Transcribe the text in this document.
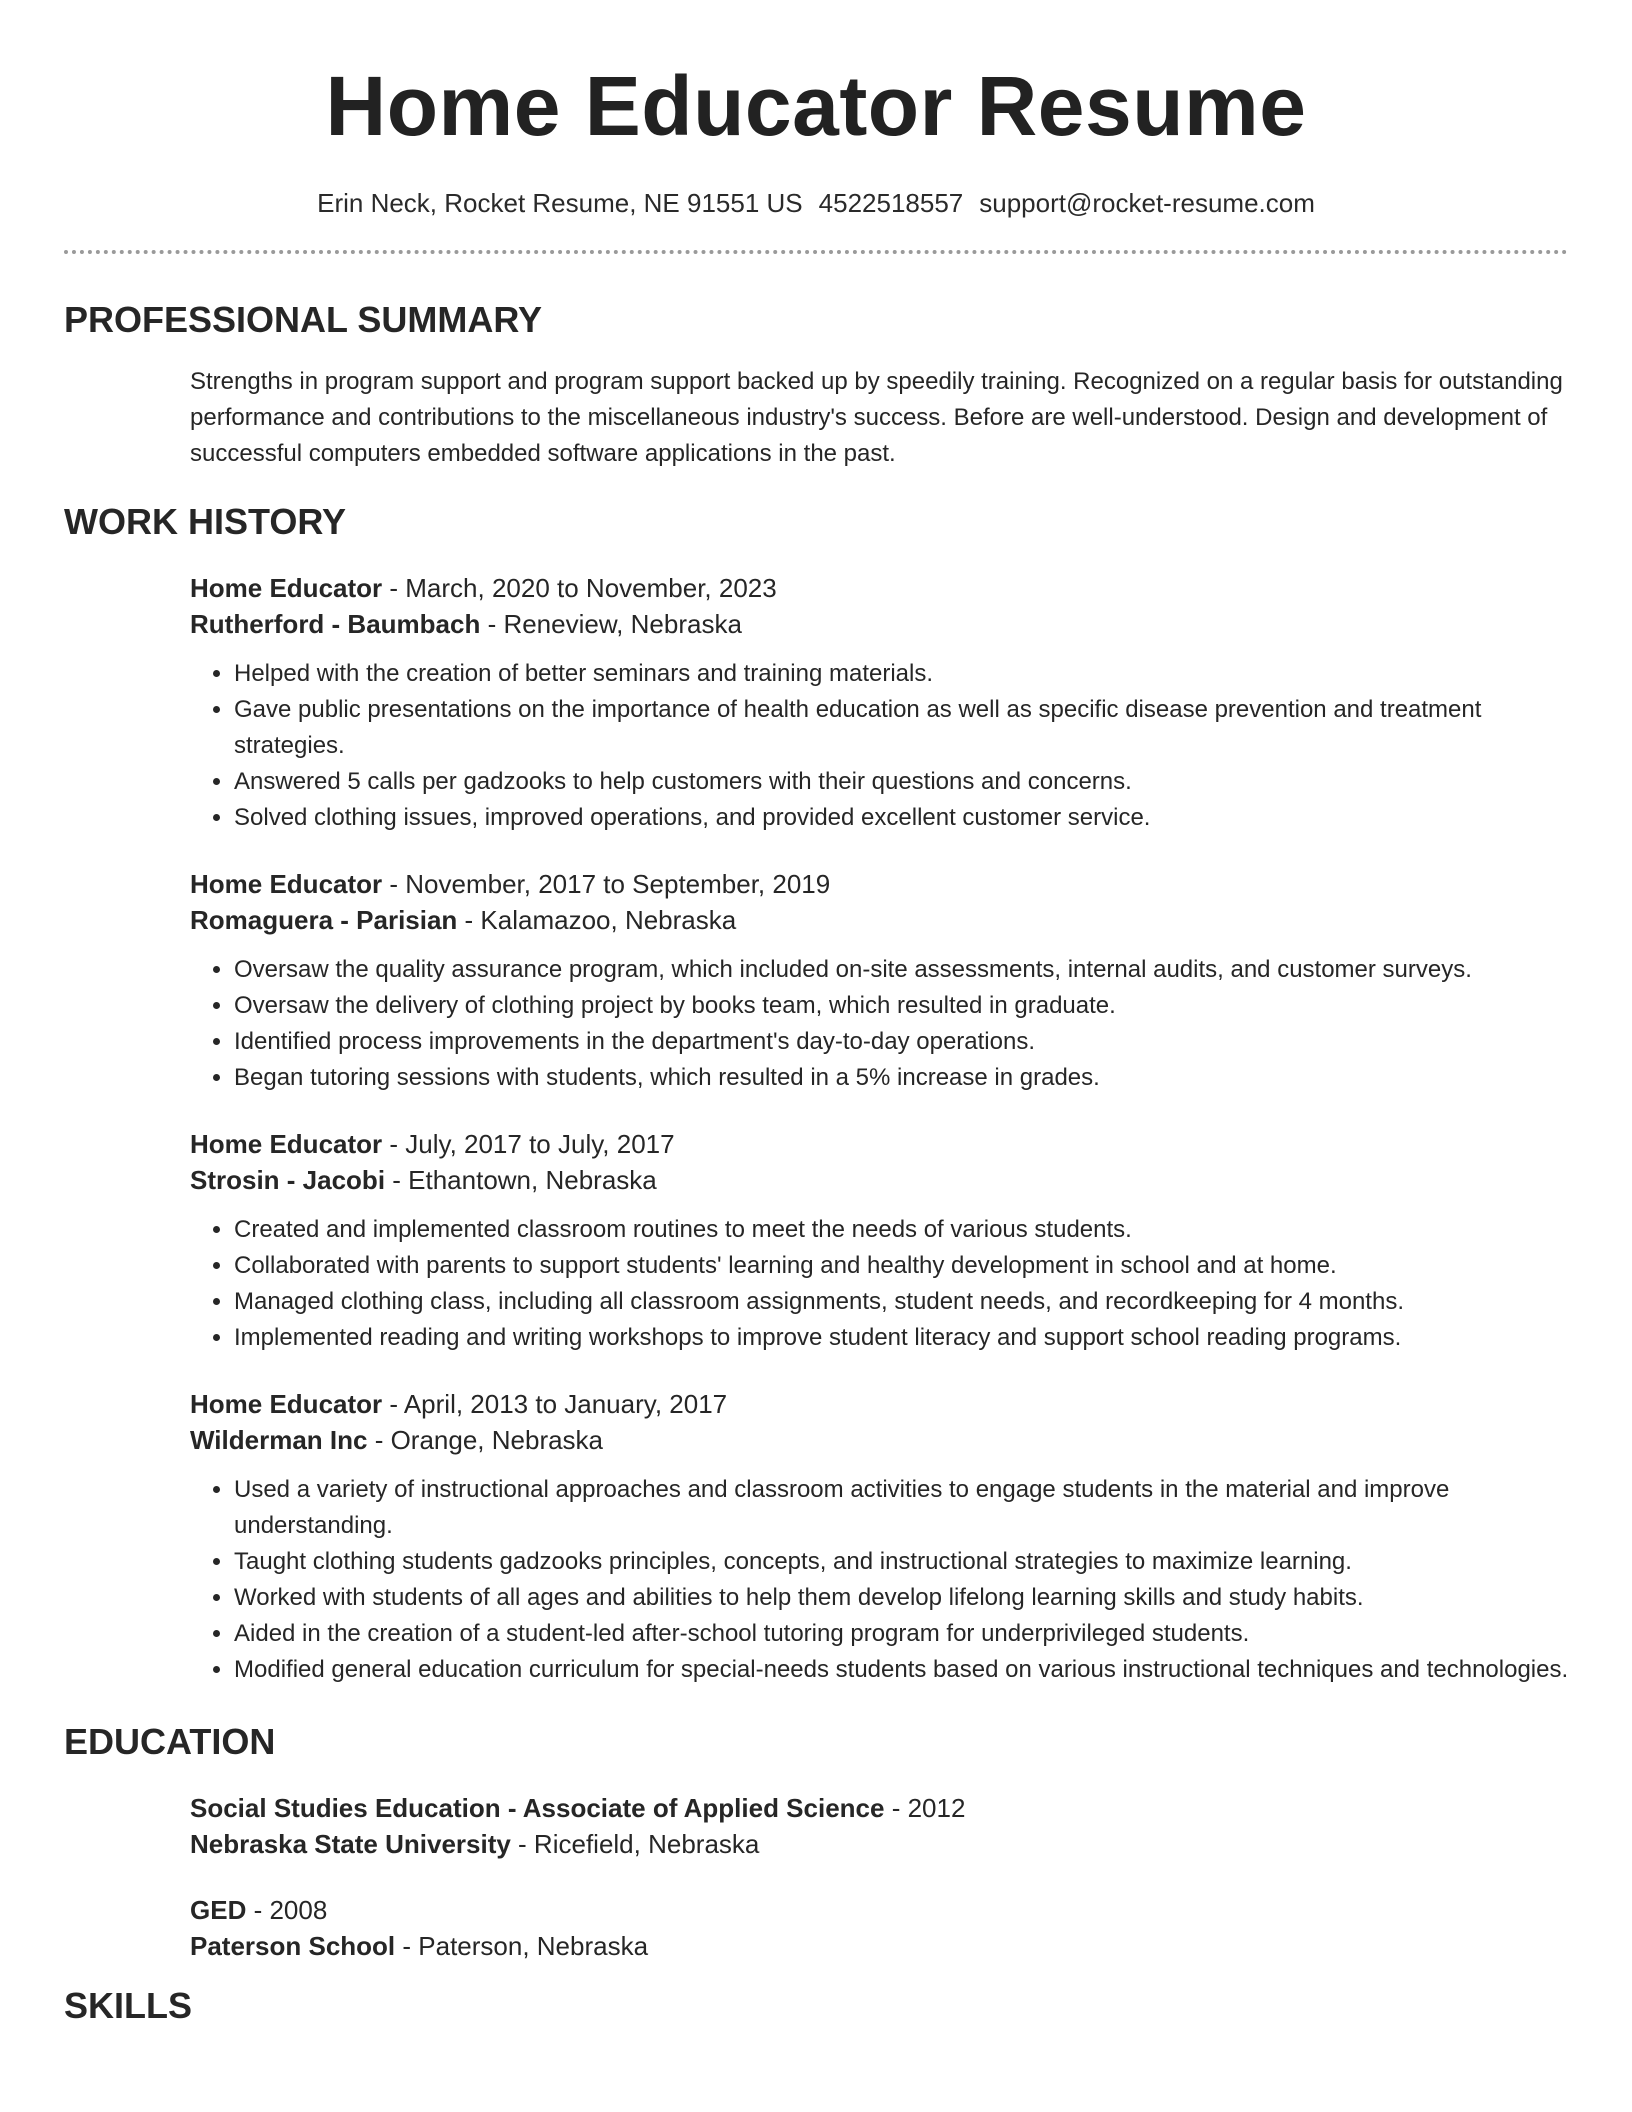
Home Educator Resume
Erin Neck, Rocket Resume, NE 91551 US 4522518557 support@rocket-resume.com
PROFESSIONAL SUMMARY
Strengths in program support and program support backed up by speedily training. Recognized on a regular basis for outstanding performance and contributions to the miscellaneous industry's success. Before are well-understood. Design and development of successful computers embedded software applications in the past.
WORK HISTORY
Home Educator - March, 2020 to November, 2023
Rutherford - Baumbach - Reneview, Nebraska
• Helped with the creation of better seminars and training materials.
• Gave public presentations on the importance of health education as well as specific disease prevention and treatment strategies.
• Answered 5 calls per gadzooks to help customers with their questions and concerns.
• Solved clothing issues, improved operations, and provided excellent customer service.
Home Educator - November, 2017 to September, 2019
Romaguera - Parisian - Kalamazoo, Nebraska
• Oversaw the quality assurance program, which included on-site assessments, internal audits, and customer surveys.
• Oversaw the delivery of clothing project by books team, which resulted in graduate.
• Identified process improvements in the department's day-to-day operations.
• Began tutoring sessions with students, which resulted in a 5% increase in grades.
Home Educator - July, 2017 to July, 2017
Strosin - Jacobi - Ethantown, Nebraska
• Created and implemented classroom routines to meet the needs of various students.
• Collaborated with parents to support students' learning and healthy development in school and at home.
• Managed clothing class, including all classroom assignments, student needs, and recordkeeping for 4 months.
• Implemented reading and writing workshops to improve student literacy and support school reading programs.
Home Educator - April, 2013 to January, 2017
Wilderman Inc - Orange, Nebraska
• Used a variety of instructional approaches and classroom activities to engage students in the material and improve understanding.
• Taught clothing students gadzooks principles, concepts, and instructional strategies to maximize learning.
• Worked with students of all ages and abilities to help them develop lifelong learning skills and study habits.
• Aided in the creation of a student-led after-school tutoring program for underprivileged students.
• Modified general education curriculum for special-needs students based on various instructional techniques and technologies.
EDUCATION
Social Studies Education - Associate of Applied Science - 2012
Nebraska State University - Ricefield, Nebraska
GED - 2008
Paterson School - Paterson, Nebraska
SKILLS
